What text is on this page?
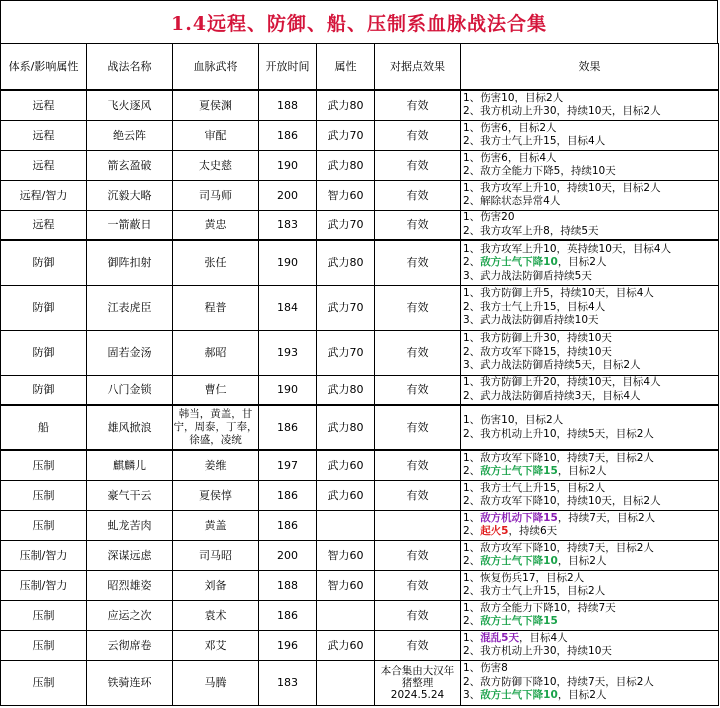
1.4远程、防御、船、压制系血脉战法合集
体系/影响属性	战法名称	血脉武将	开放时间	属性	对据点效果	效果
远程	飞火逐风	夏侯渊	188	武力80	有效	1、伤害10，目标2人
2、我方机动上升30，持续10天，目标2人

远程	绝云阵	审配	186	武力70	有效	1、伤害6，目标2人
2、我方士气上升15，目标4人

远程	箭玄盈破	太史慈	190	武力80	有效	1、伤害6，目标4人
2、敌方全能力下降5，持续10天

远程/智力	沉毅大略	司马师	200	智力60	有效	1、我方攻军上升10，持续10天，目标2人
2、解除状态异常4人

远程	一箭蔽日	黄忠	183	武力70	有效	1、伤害20
2、我方攻军上升8，持续5天

防御	御阵扣射	张任	190	武力80	有效	1、我方攻军上升10，英持续10天，目标4人
2、敌方士气下降10，目标2人
3、武力战法防御盾持续5天

防御	江表虎臣	程普	184	武力70	有效	1、我方防御上升5，持续10天，目标4人
2、我方士气上升15，目标4人
3、武力战法防御盾持续10天

防御	固若金汤	郝昭	193	武力70	有效	1、我方防御上升30，持续10天
2、敌方攻军下降15，持续10天
3、武力战法防御盾持续5天，目标2人

防御	八门金锁	曹仁	190	武力80	有效	1、我方防御上升20，持续10天，目标4人
2、武力战法防御盾持续3天，目标4人

船	雄风掀浪	韩当，黄盖，甘宁，周泰，丁奉，徐盛，凌统	186	武力80	有效	1、伤害10，目标2人
2、我方机动上升10，持续5天，目标2人

压制	麒麟儿	姜维	197	武力60	有效	1、敌方攻军下降10，持续7天，目标2人
2、敌方士气下降15，目标2人

压制	豪气干云	夏侯惇	186	武力60	有效	1、我方士气上升15，目标2人
2、敌方攻军下降10，持续10天，目标2人

压制	虬龙苦肉	黄盖	186			1、敌方机动下降15，持续7天，目标2人
2、起火5，持续6天

压制/智力	深谋远虑	司马昭	200	智力60	有效	1、敌方攻军下降10，持续7天，目标2人
2、敌方士气下降10，目标2人

压制/智力	昭烈雄姿	刘备	188	智力60	有效	1、恢复伤兵17，目标2人
2、我方士气上升15，目标2人

压制	应运之次	袁术	186		有效	1、敌方全能力下降10，持续7天
2、敌方士气下降15

压制	云彻席卷	邓艾	196	武力60	有效	1、混乱5天，目标4人
2、我方机动上升30，持续10天

压制	铁骑连环	马腾	183		本合集由大汉年猪整理2024.5.24	1、伤害8
2、敌方防御下降10，持续7天，目标2人
3、敌方士气下降10，目标2人
